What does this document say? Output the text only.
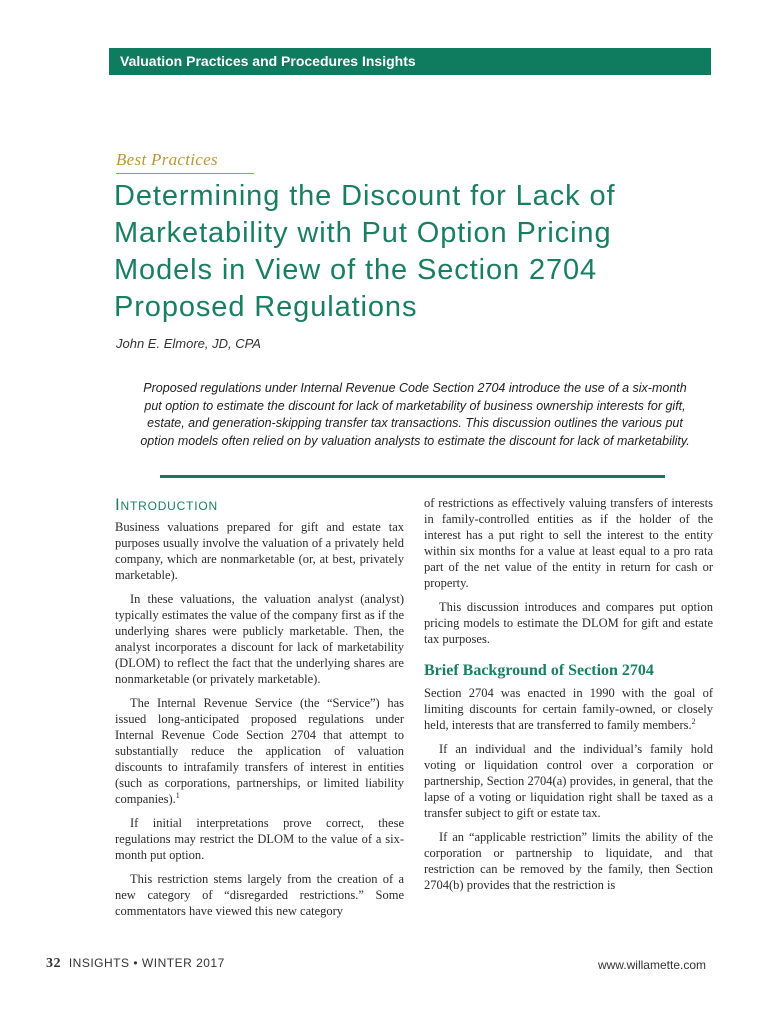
Valuation Practices and Procedures Insights
Best Practices
Determining the Discount for Lack of Marketability with Put Option Pricing Models in View of the Section 2704 Proposed Regulations
John E. Elmore, JD, CPA
Proposed regulations under Internal Revenue Code Section 2704 introduce the use of a six-month put option to estimate the discount for lack of marketability of business ownership interests for gift, estate, and generation-skipping transfer tax transactions. This discussion outlines the various put option models often relied on by valuation analysts to estimate the discount for lack of marketability.
Introduction

Business valuations prepared for gift and estate tax purposes usually involve the valuation of a privately held company, which are nonmarketable (or, at best, privately marketable).

In these valuations, the valuation analyst (analyst) typically estimates the value of the company first as if the underlying shares were publicly marketable. Then, the analyst incorporates a discount for lack of marketability (DLOM) to reflect the fact that the underlying shares are nonmarketable (or privately marketable).

The Internal Revenue Service (the “Service”) has issued long-anticipated proposed regulations under Internal Revenue Code Section 2704 that attempt to substantially reduce the application of valuation discounts to intrafamily transfers of interest in entities (such as corporations, partnerships, or limited liability companies).$^1$

If initial interpretations prove correct, these regulations may restrict the DLOM to the value of a six-month put option.

This restriction stems largely from the creation of a new category of “disregarded restrictions.” Some commentators have viewed this new category

of restrictions as effectively valuing transfers of interests in family-controlled entities as if the holder of the interest has a put right to sell the interest to the entity within six months for a value at least equal to a pro rata part of the net value of the entity in return for cash or property.

This discussion introduces and compares put option pricing models to estimate the DLOM for gift and estate tax purposes.

Brief Background of Section 2704

Section 2704 was enacted in 1990 with the goal of limiting discounts for certain family-owned, or closely held, interests that are transferred to family members.$^2$

If an individual and the individual’s family hold voting or liquidation control over a corporation or partnership, Section 2704(a) provides, in general, that the lapse of a voting or liquidation right shall be taxed as a transfer subject to gift or estate tax.

If an “applicable restriction” limits the ability of the corporation or partnership to liquidate, and that restriction can be removed by the family, then Section 2704(b) provides that the restriction is

32 INSIGHTS • WINTER 2017	www.willamette.com
